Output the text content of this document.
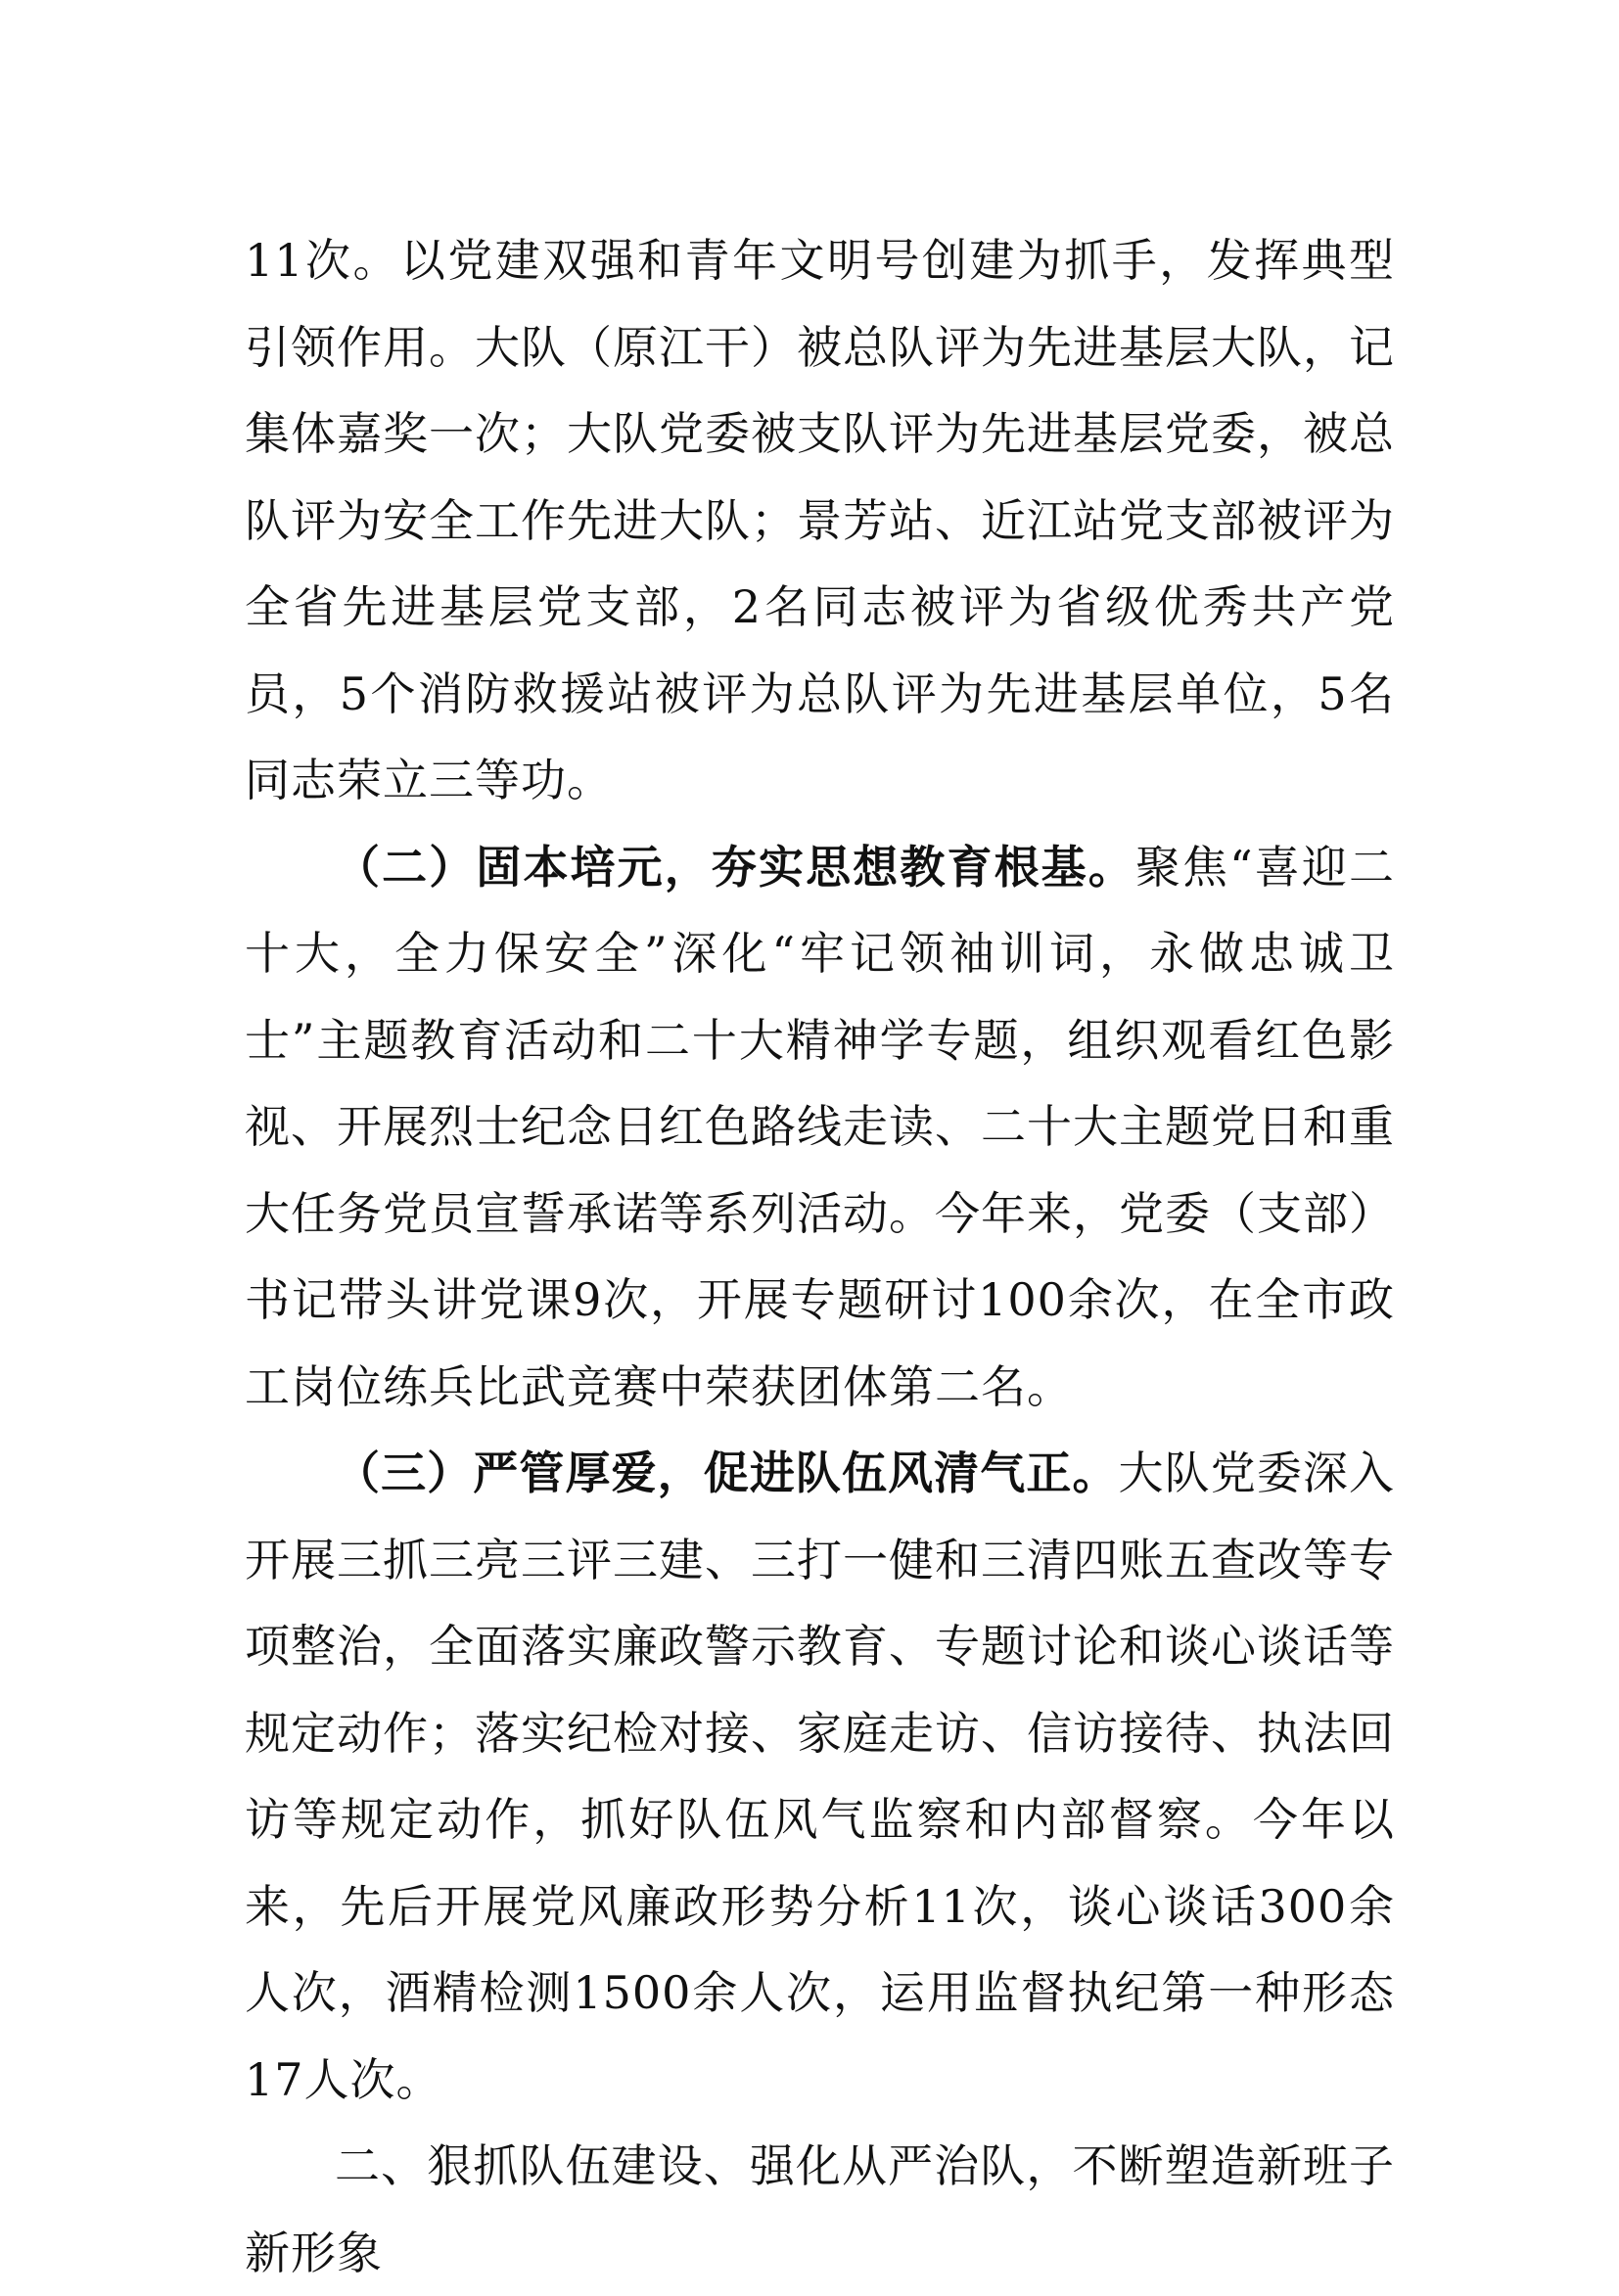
11次。以党建双强和青年文明号创建为抓手，发挥典型引领作用。大队（原江干）被总队评为先进基层大队，记集体嘉奖一次；大队党委被支队评为先进基层党委，被总队评为安全工作先进大队；景芳站、近江站党支部被评为全省先进基层党支部，2名同志被评为省级优秀共产党员，5个消防救援站被评为总队评为先进基层单位，5名同志荣立三等功。

（二）固本培元，夯实思想教育根基。聚焦“喜迎二十大，全力保安全”深化“牢记领袖训词，永做忠诚卫士”主题教育活动和二十大精神学专题，组织观看红色影视、开展烈士纪念日红色路线走读、二十大主题党日和重大任务党员宣誓承诺等系列活动。今年来，党委（支部）书记带头讲党课9次，开展专题研讨100余次，在全市政工岗位练兵比武竞赛中荣获团体第二名。

（三）严管厚爱，促进队伍风清气正。大队党委深入开展三抓三亮三评三建、三打一健和三清四账五查改等专项整治，全面落实廉政警示教育、专题讨论和谈心谈话等规定动作；落实纪检对接、家庭走访、信访接待、执法回访等规定动作，抓好队伍风气监察和内部督察。今年以来，先后开展党风廉政形势分析11次，谈心谈话300余人次，酒精检测1500余人次，运用监督执纪第一种形态17人次。

二、狠抓队伍建设、强化从严治队，不断塑造新班子新形象
